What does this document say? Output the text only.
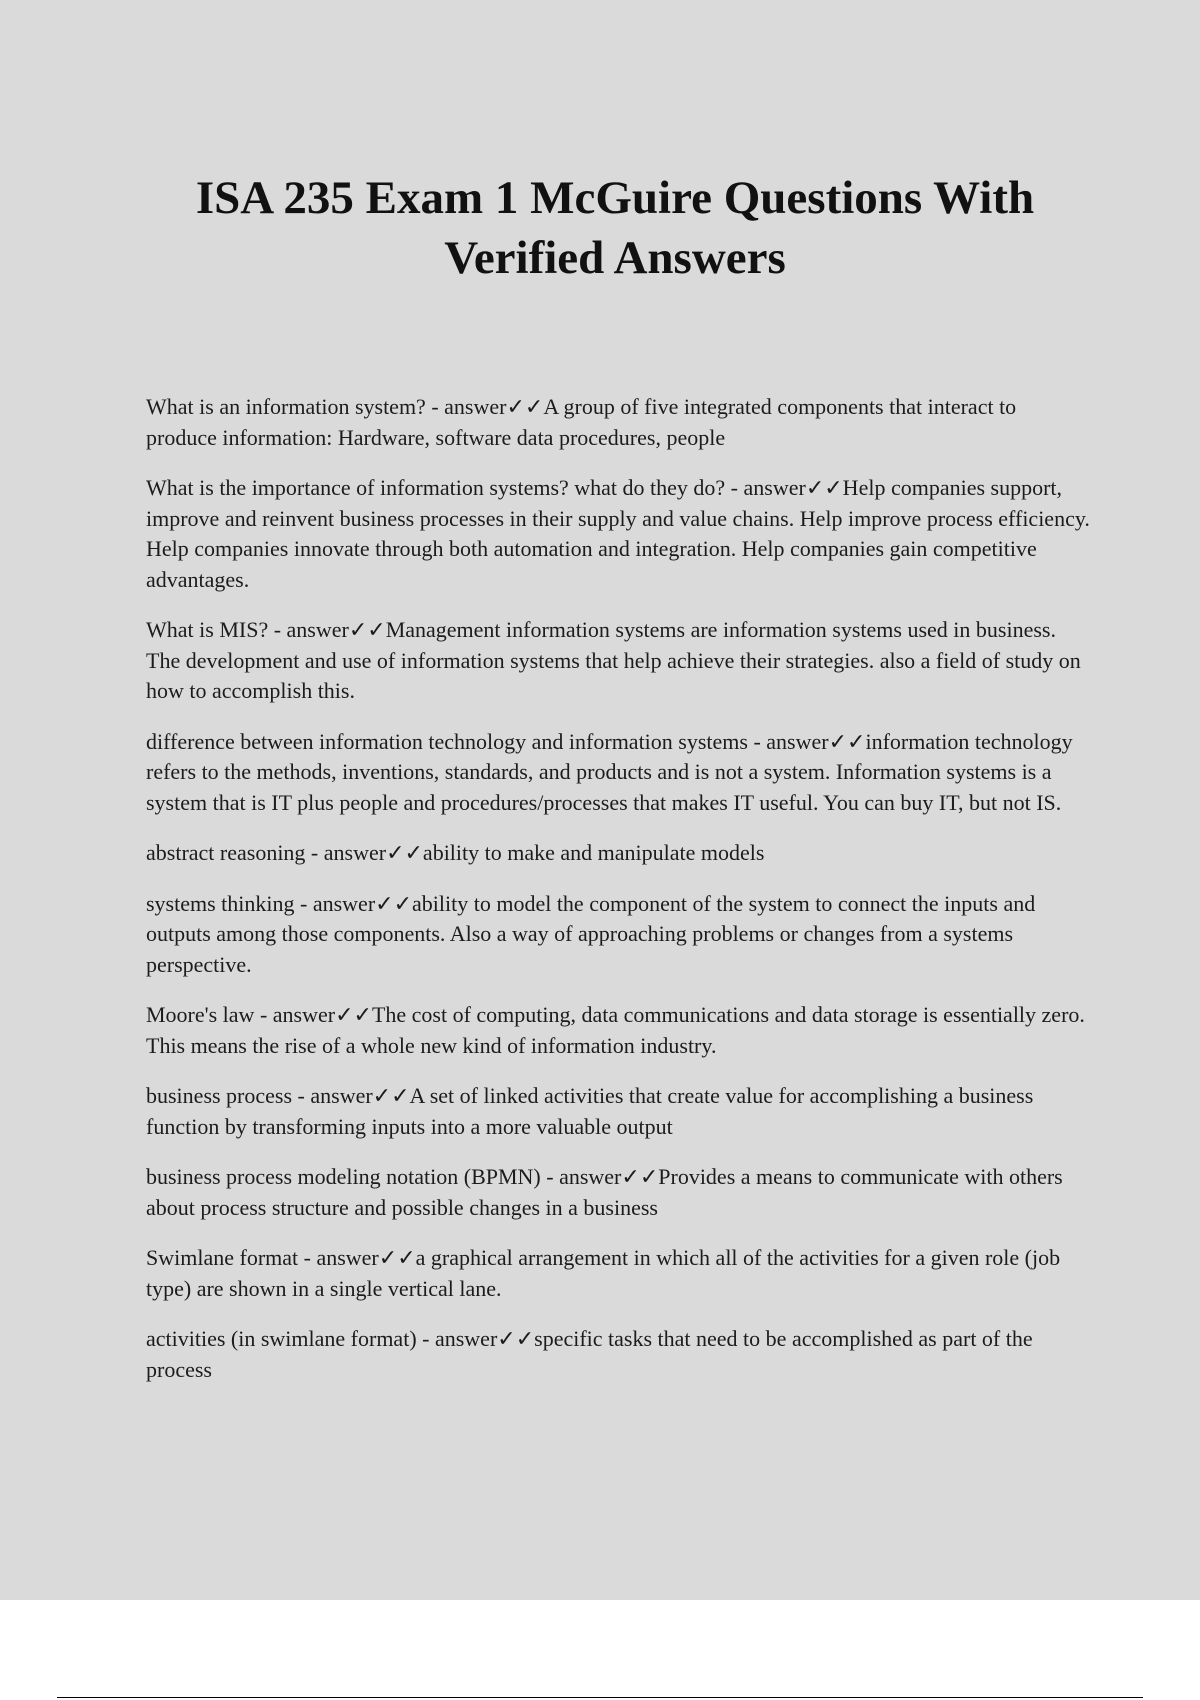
ISA 235 Exam 1 McGuire Questions With Verified Answers

What is an information system? - answer✓✓A group of five integrated components that interact to produce information: Hardware, software data procedures, people

What is the importance of information systems? what do they do? - answer✓✓Help companies support, improve and reinvent business processes in their supply and value chains. Help improve process efficiency. Help companies innovate through both automation and integration. Help companies gain competitive advantages.

What is MIS? - answer✓✓Management information systems are information systems used in business. The development and use of information systems that help achieve their strategies. also a field of study on how to accomplish this.

difference between information technology and information systems - answer✓✓information technology refers to the methods, inventions, standards, and products and is not a system. Information systems is a system that is IT plus people and procedures/processes that makes IT useful. You can buy IT, but not IS.

abstract reasoning - answer✓✓ability to make and manipulate models

systems thinking - answer✓✓ability to model the component of the system to connect the inputs and outputs among those components. Also a way of approaching problems or changes from a systems perspective.

Moore's law - answer✓✓The cost of computing, data communications and data storage is essentially zero. This means the rise of a whole new kind of information industry.

business process - answer✓✓A set of linked activities that create value for accomplishing a business function by transforming inputs into a more valuable output

business process modeling notation (BPMN) - answer✓✓Provides a means to communicate with others about process structure and possible changes in a business

Swimlane format - answer✓✓a graphical arrangement in which all of the activities for a given role (job type) are shown in a single vertical lane.

activities (in swimlane format) - answer✓✓specific tasks that need to be accomplished as part of the process
